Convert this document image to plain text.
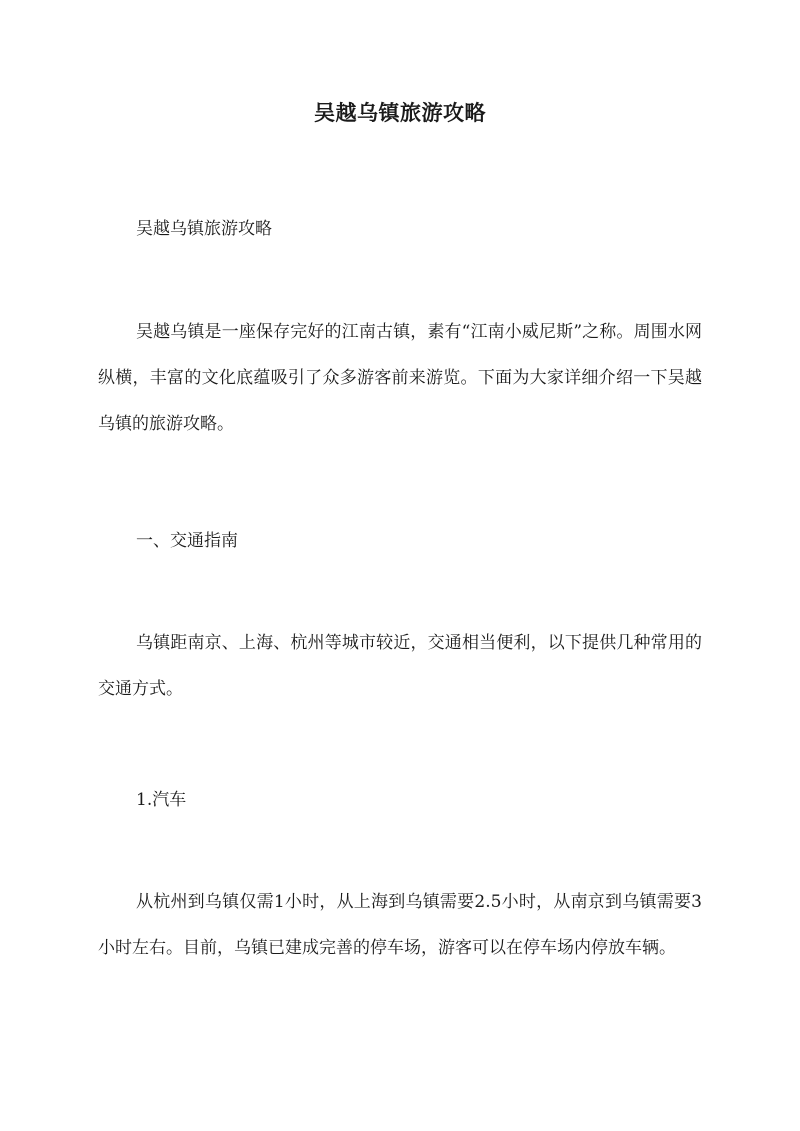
吴越乌镇旅游攻略

吴越乌镇旅游攻略

吴越乌镇是一座保存完好的江南古镇，素有“江南小威尼斯”之称。周围水网纵横，丰富的文化底蕴吸引了众多游客前来游览。下面为大家详细介绍一下吴越乌镇的旅游攻略。

一、交通指南

乌镇距南京、上海、杭州等城市较近，交通相当便利，以下提供几种常用的交通方式。

1.汽车

从杭州到乌镇仅需1小时，从上海到乌镇需要2.5小时，从南京到乌镇需要3小时左右。目前，乌镇已建成完善的停车场，游客可以在停车场内停放车辆。
